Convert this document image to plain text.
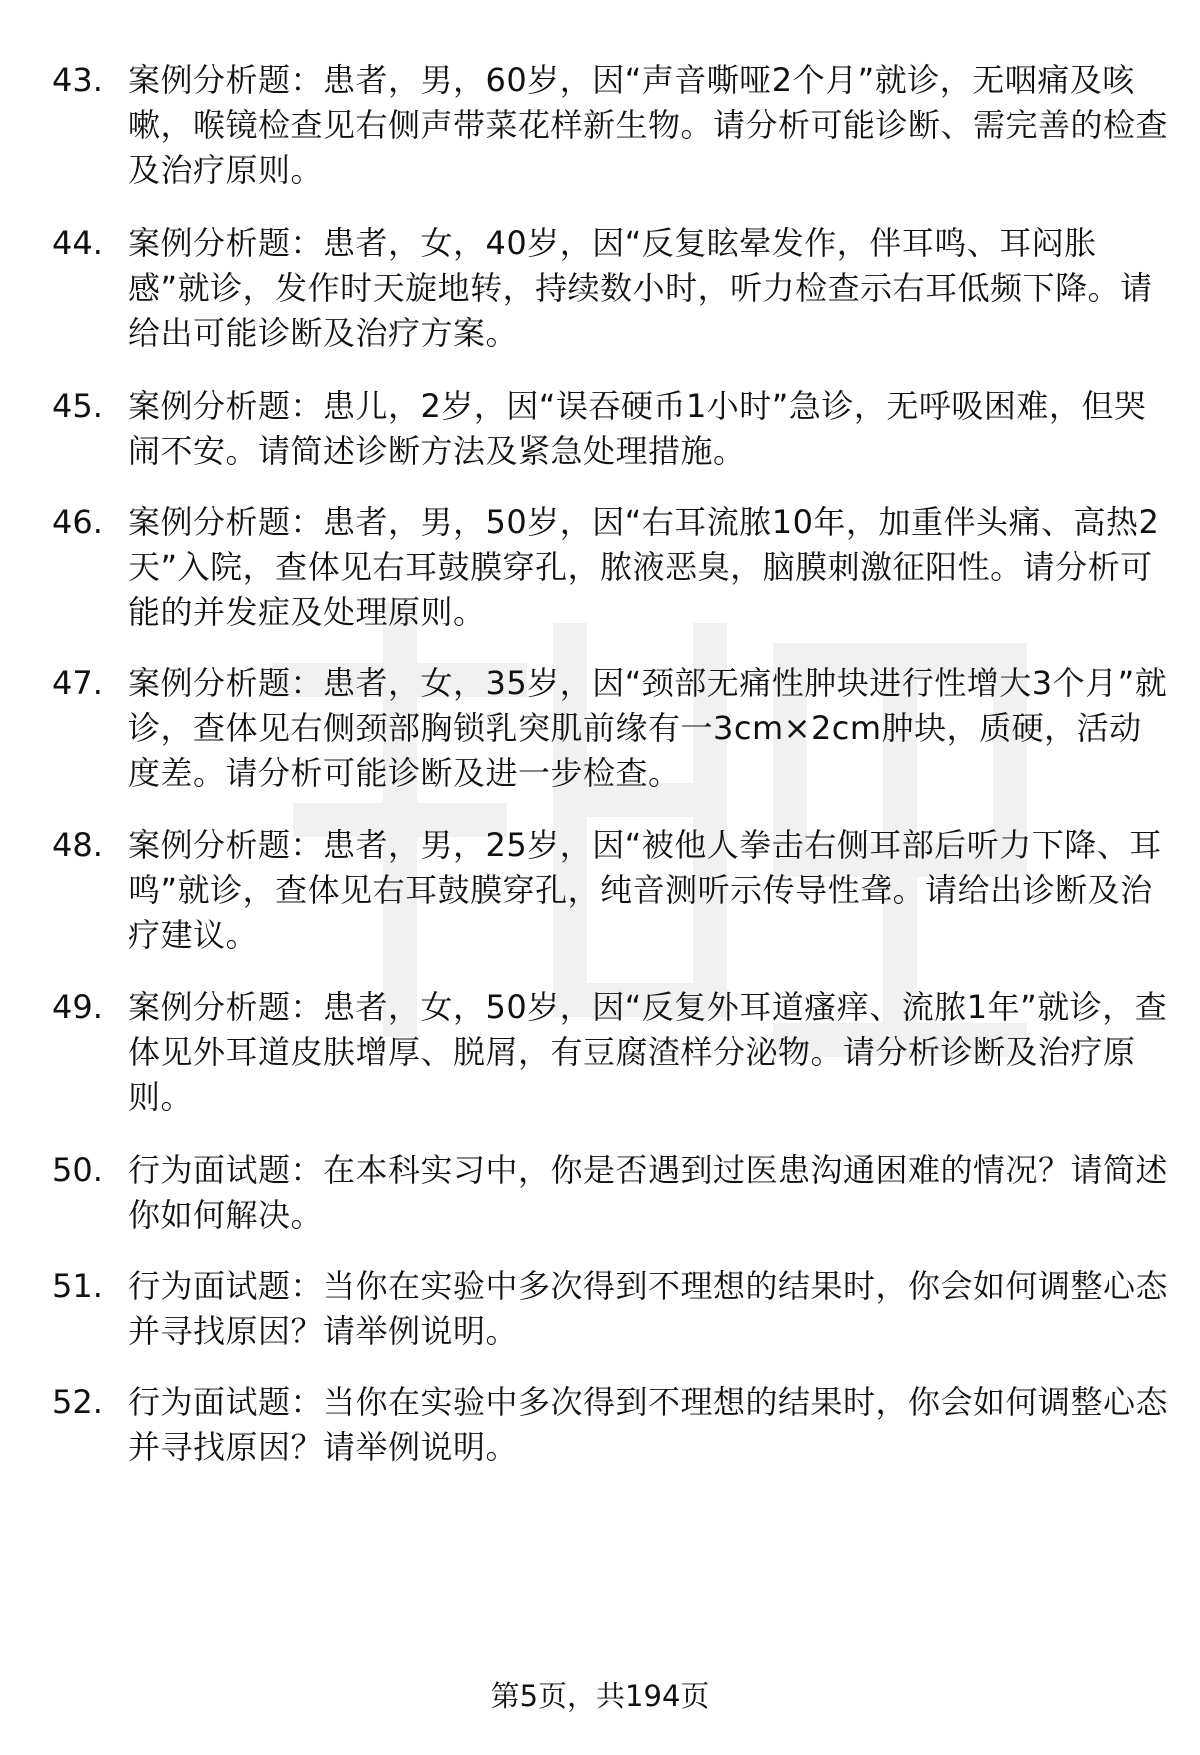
43. 案例分析题：患者，男，60岁，因“声音嘶哑2个月”就诊，无咽痛及咳嗽，喉镜检查见右侧声带菜花样新生物。请分析可能诊断、需完善的检查及治疗原则。
44. 案例分析题：患者，女，40岁，因“反复眩晕发作，伴耳鸣、耳闷胀感”就诊，发作时天旋地转，持续数小时，听力检查示右耳低频下降。请给出可能诊断及治疗方案。
45. 案例分析题：患儿，2岁，因“误吞硬币1小时”急诊，无呼吸困难，但哭闹不安。请简述诊断方法及紧急处理措施。
46. 案例分析题：患者，男，50岁，因“右耳流脓10年，加重伴头痛、高热2天”入院，查体见右耳鼓膜穿孔，脓液恶臭，脑膜刺激征阳性。请分析可能的并发症及处理原则。
47. 案例分析题：患者，女，35岁，因“颈部无痛性肿块进行性增大3个月”就诊，查体见右侧颈部胸锁乳突肌前缘有一3cm×2cm肿块，质硬，活动度差。请分析可能诊断及进一步检查。
48. 案例分析题：患者，男，25岁，因“被他人拳击右侧耳部后听力下降、耳鸣”就诊，查体见右耳鼓膜穿孔，纯音测听示传导性聋。请给出诊断及治疗建议。
49. 案例分析题：患者，女，50岁，因“反复外耳道瘙痒、流脓1年”就诊，查体见外耳道皮肤增厚、脱屑，有豆腐渣样分泌物。请分析诊断及治疗原则。
50. 行为面试题：在本科实习中，你是否遇到过医患沟通困难的情况？请简述你如何解决。
51. 行为面试题：当你在实验中多次得到不理想的结果时，你会如何调整心态并寻找原因？请举例说明。
52. 行为面试题：当你在实验中多次得到不理想的结果时，你会如何调整心态并寻找原因？请举例说明。
第5页，共194页
